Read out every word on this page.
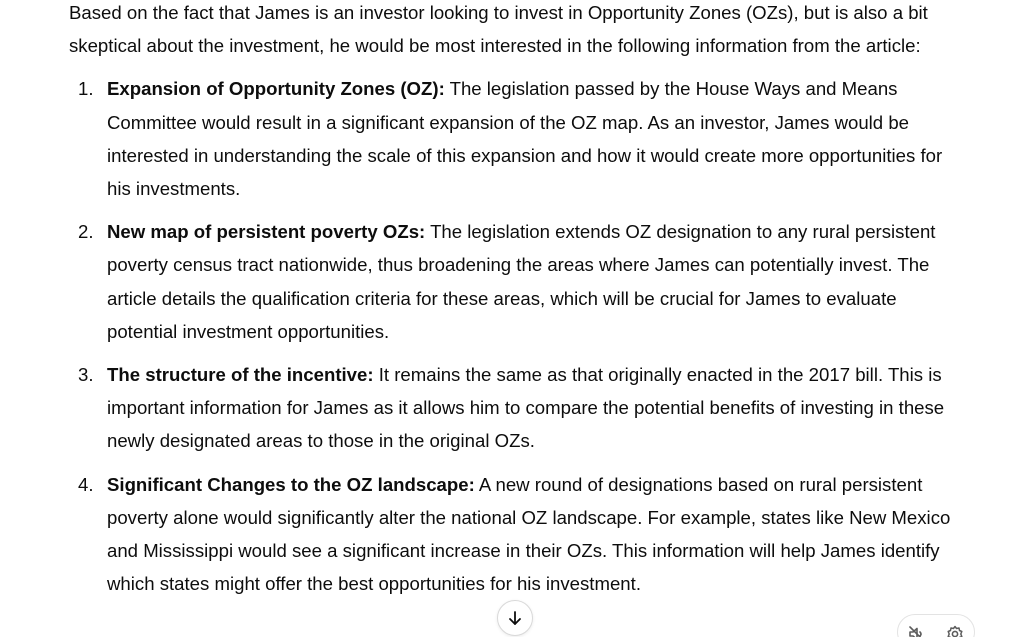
Based on the fact that James is an investor looking to invest in Opportunity Zones (OZs), but is also a bit skeptical about the investment, he would be most interested in the following information from the article:

1. Expansion of Opportunity Zones (OZ): The legislation passed by the House Ways and Means Committee would result in a significant expansion of the OZ map. As an investor, James would be interested in understanding the scale of this expansion and how it would create more opportunities for his investments.
2. New map of persistent poverty OZs: The legislation extends OZ designation to any rural persistent poverty census tract nationwide, thus broadening the areas where James can potentially invest. The article details the qualification criteria for these areas, which will be crucial for James to evaluate potential investment opportunities.
3. The structure of the incentive: It remains the same as that originally enacted in the 2017 bill. This is important information for James as it allows him to compare the potential benefits of investing in these newly designated areas to those in the original OZs.
4. Significant Changes to the OZ landscape: A new round of designations based on rural persistent poverty alone would significantly alter the national OZ landscape. For example, states like New Mexico and Mississippi would see a significant increase in their OZs. This information will help James identify which states might offer the best opportunities for his investment.
